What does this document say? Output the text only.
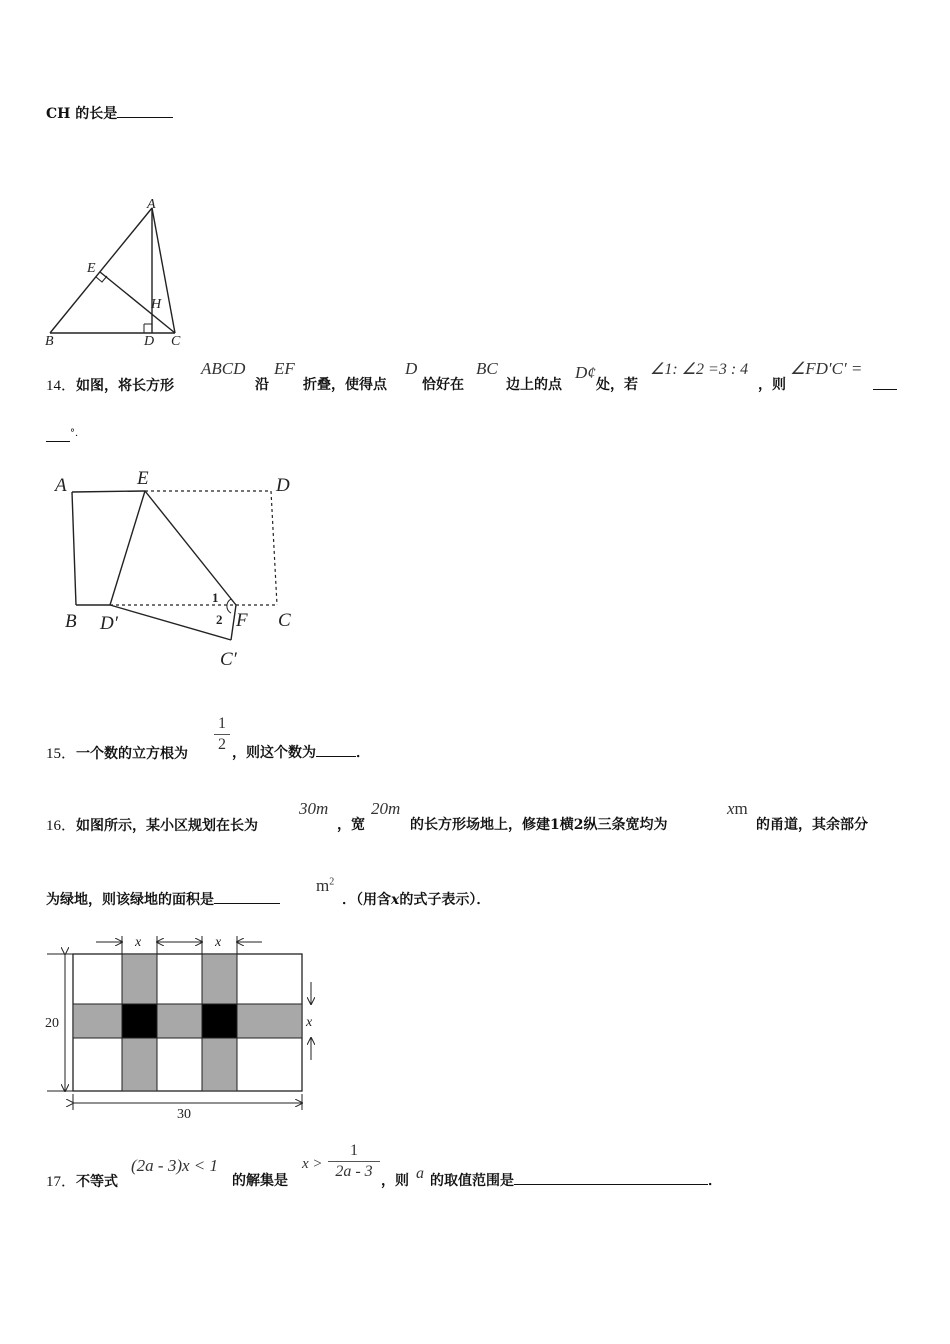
CH 的长是
A
B	C
D
E
H
14．如图，将长方形
ABCD
沿
EF
折叠，使得点
D
恰好在
BC
边上的点
D¢
处，若
∠1: ∠2 =3 : 4
，则
∠FD′C′ =
°．
A	E	D
B D′	F C
C′
1
2
15．一个数的立方根为
1
2 ，则这个数为	．
16．如图所示，某小区规划在长为
30m
，宽
20m
的长方形场地上，修建1横2纵三条宽均为
xm
的甬道，其余部分
为绿地，则该绿地的面积是
$m^2$
．（用含x的式子表示）．
x	x
x
20
30
17．不等式
(2a - 3)x < 1
的解集是
x >
1
2a - 3
，则 a 的取值范围是	．
